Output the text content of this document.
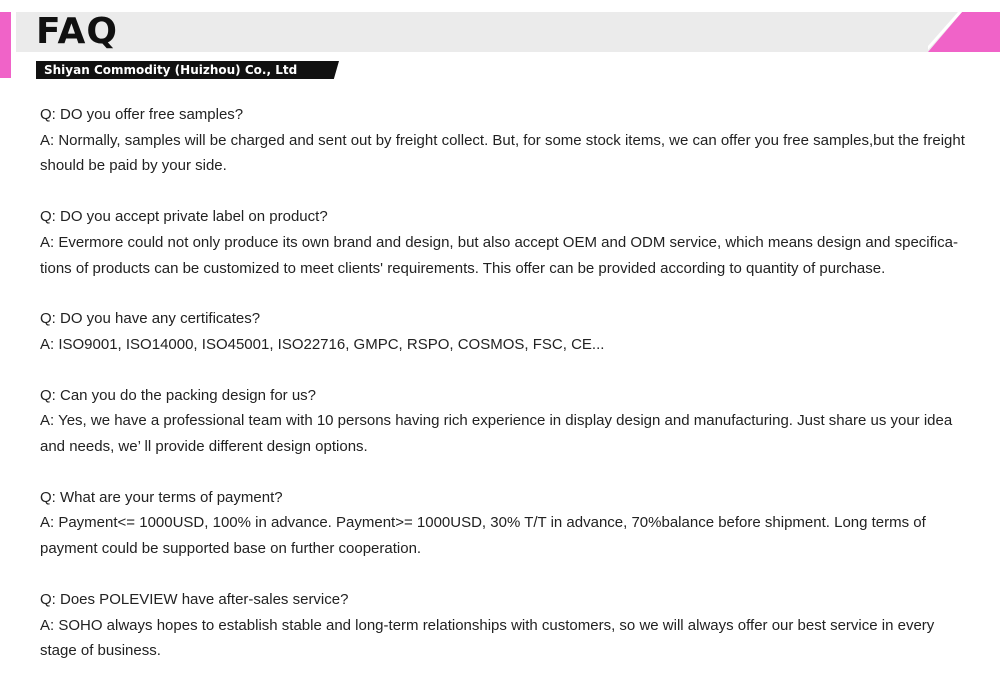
FAQ
Shiyan Commodity (Huizhou) Co., Ltd

Q: DO you offer free samples?

A: Normally, samples will be charged and sent out by freight collect. But, for some stock items, we can offer you free samples,but the freight should be paid by your side.

Q: DO you accept private label on product?

A: Evermore could not only produce its own brand and design, but also accept OEM and ODM service, which means design and specifica-tions of products can be customized to meet clients' requirements. This offer can be provided according to quantity of purchase.

Q: DO you have any certificates?

A: ISO9001, ISO14000, ISO45001, ISO22716, GMPC, RSPO, COSMOS, FSC, CE...

Q: Can you do the packing design for us?

A: Yes, we have a professional team with 10 persons having rich experience in display design and manufacturing. Just share us your idea and needs, we’ ll provide different design options.

Q: What are your terms of payment?

A: Payment<= 1000USD, 100% in advance. Payment>= 1000USD, 30% T/T in advance, 70%balance before shipment. Long terms of payment could be supported base on further cooperation.

Q: Does POLEVIEW have after-sales service?

A: SOHO always hopes to establish stable and long-term relationships with customers, so we will always offer our best service in every stage of business.
